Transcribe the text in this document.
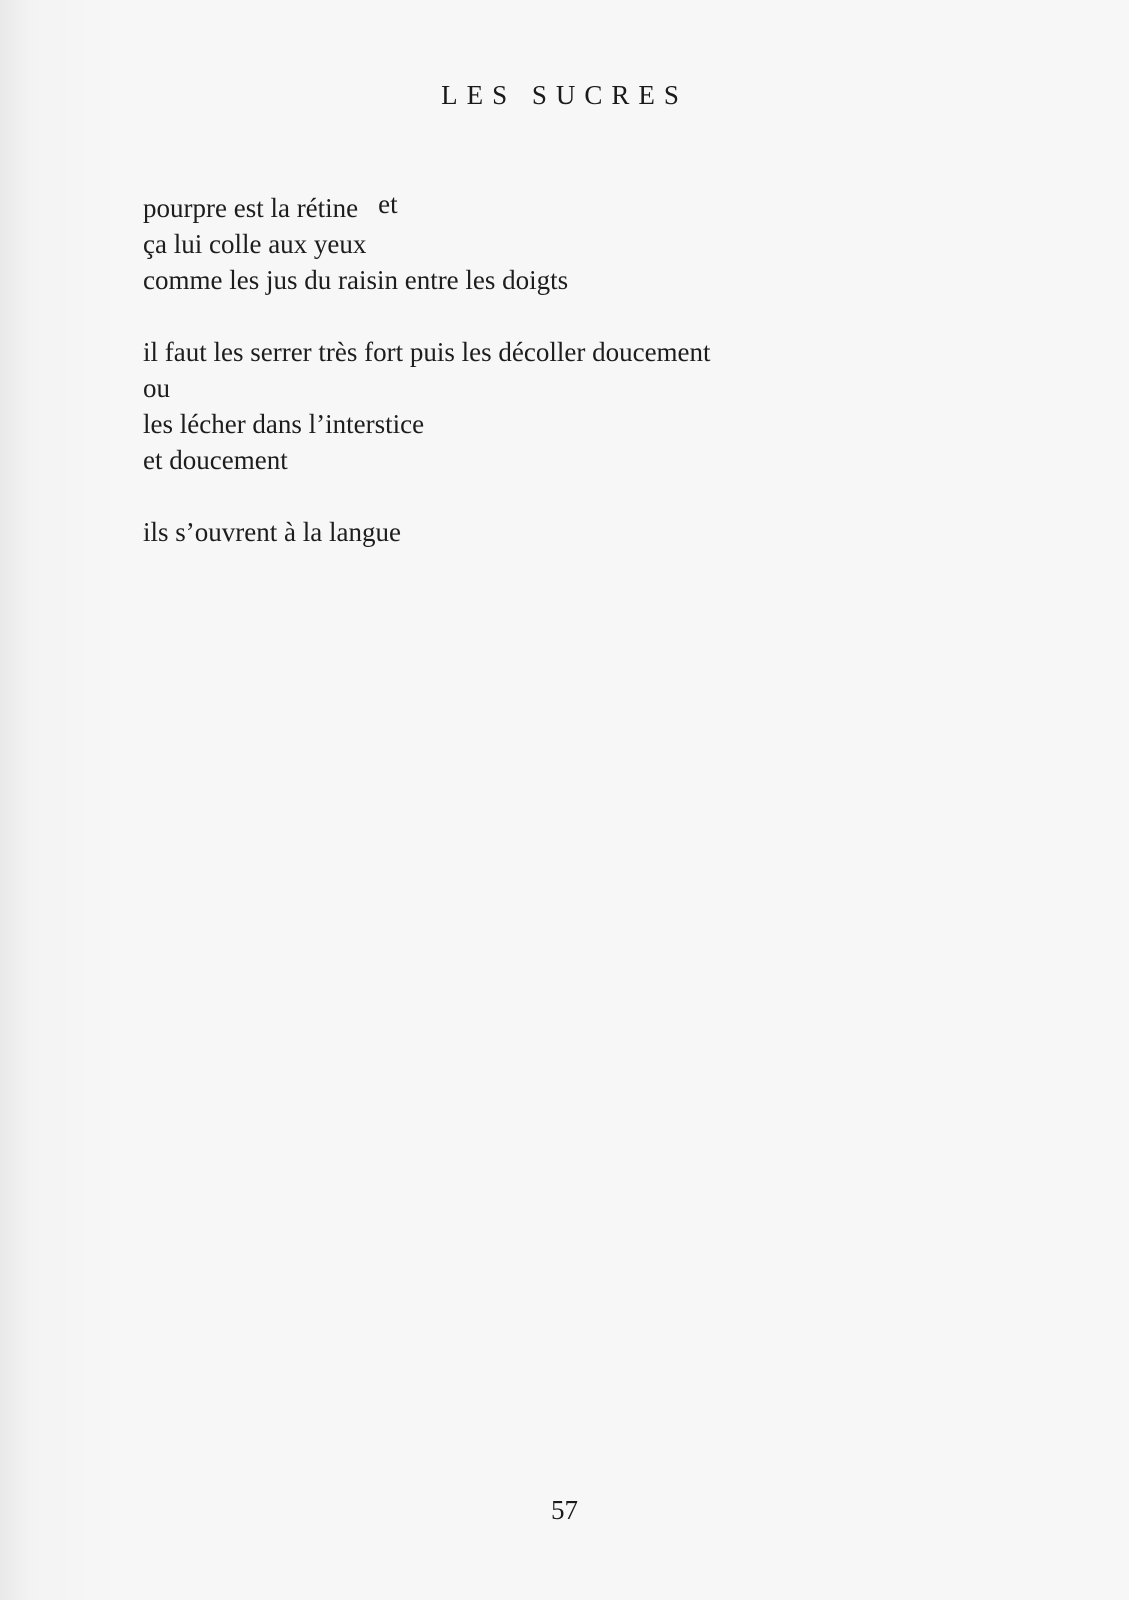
LES SUCRES
pourpre est la rétine et
ça lui colle aux yeux
comme les jus du raisin entre les doigts
il faut les serrer très fort puis les décoller doucement
ou
les lécher dans l’interstice
et doucement
ils s’ouvrent à la langue
57
